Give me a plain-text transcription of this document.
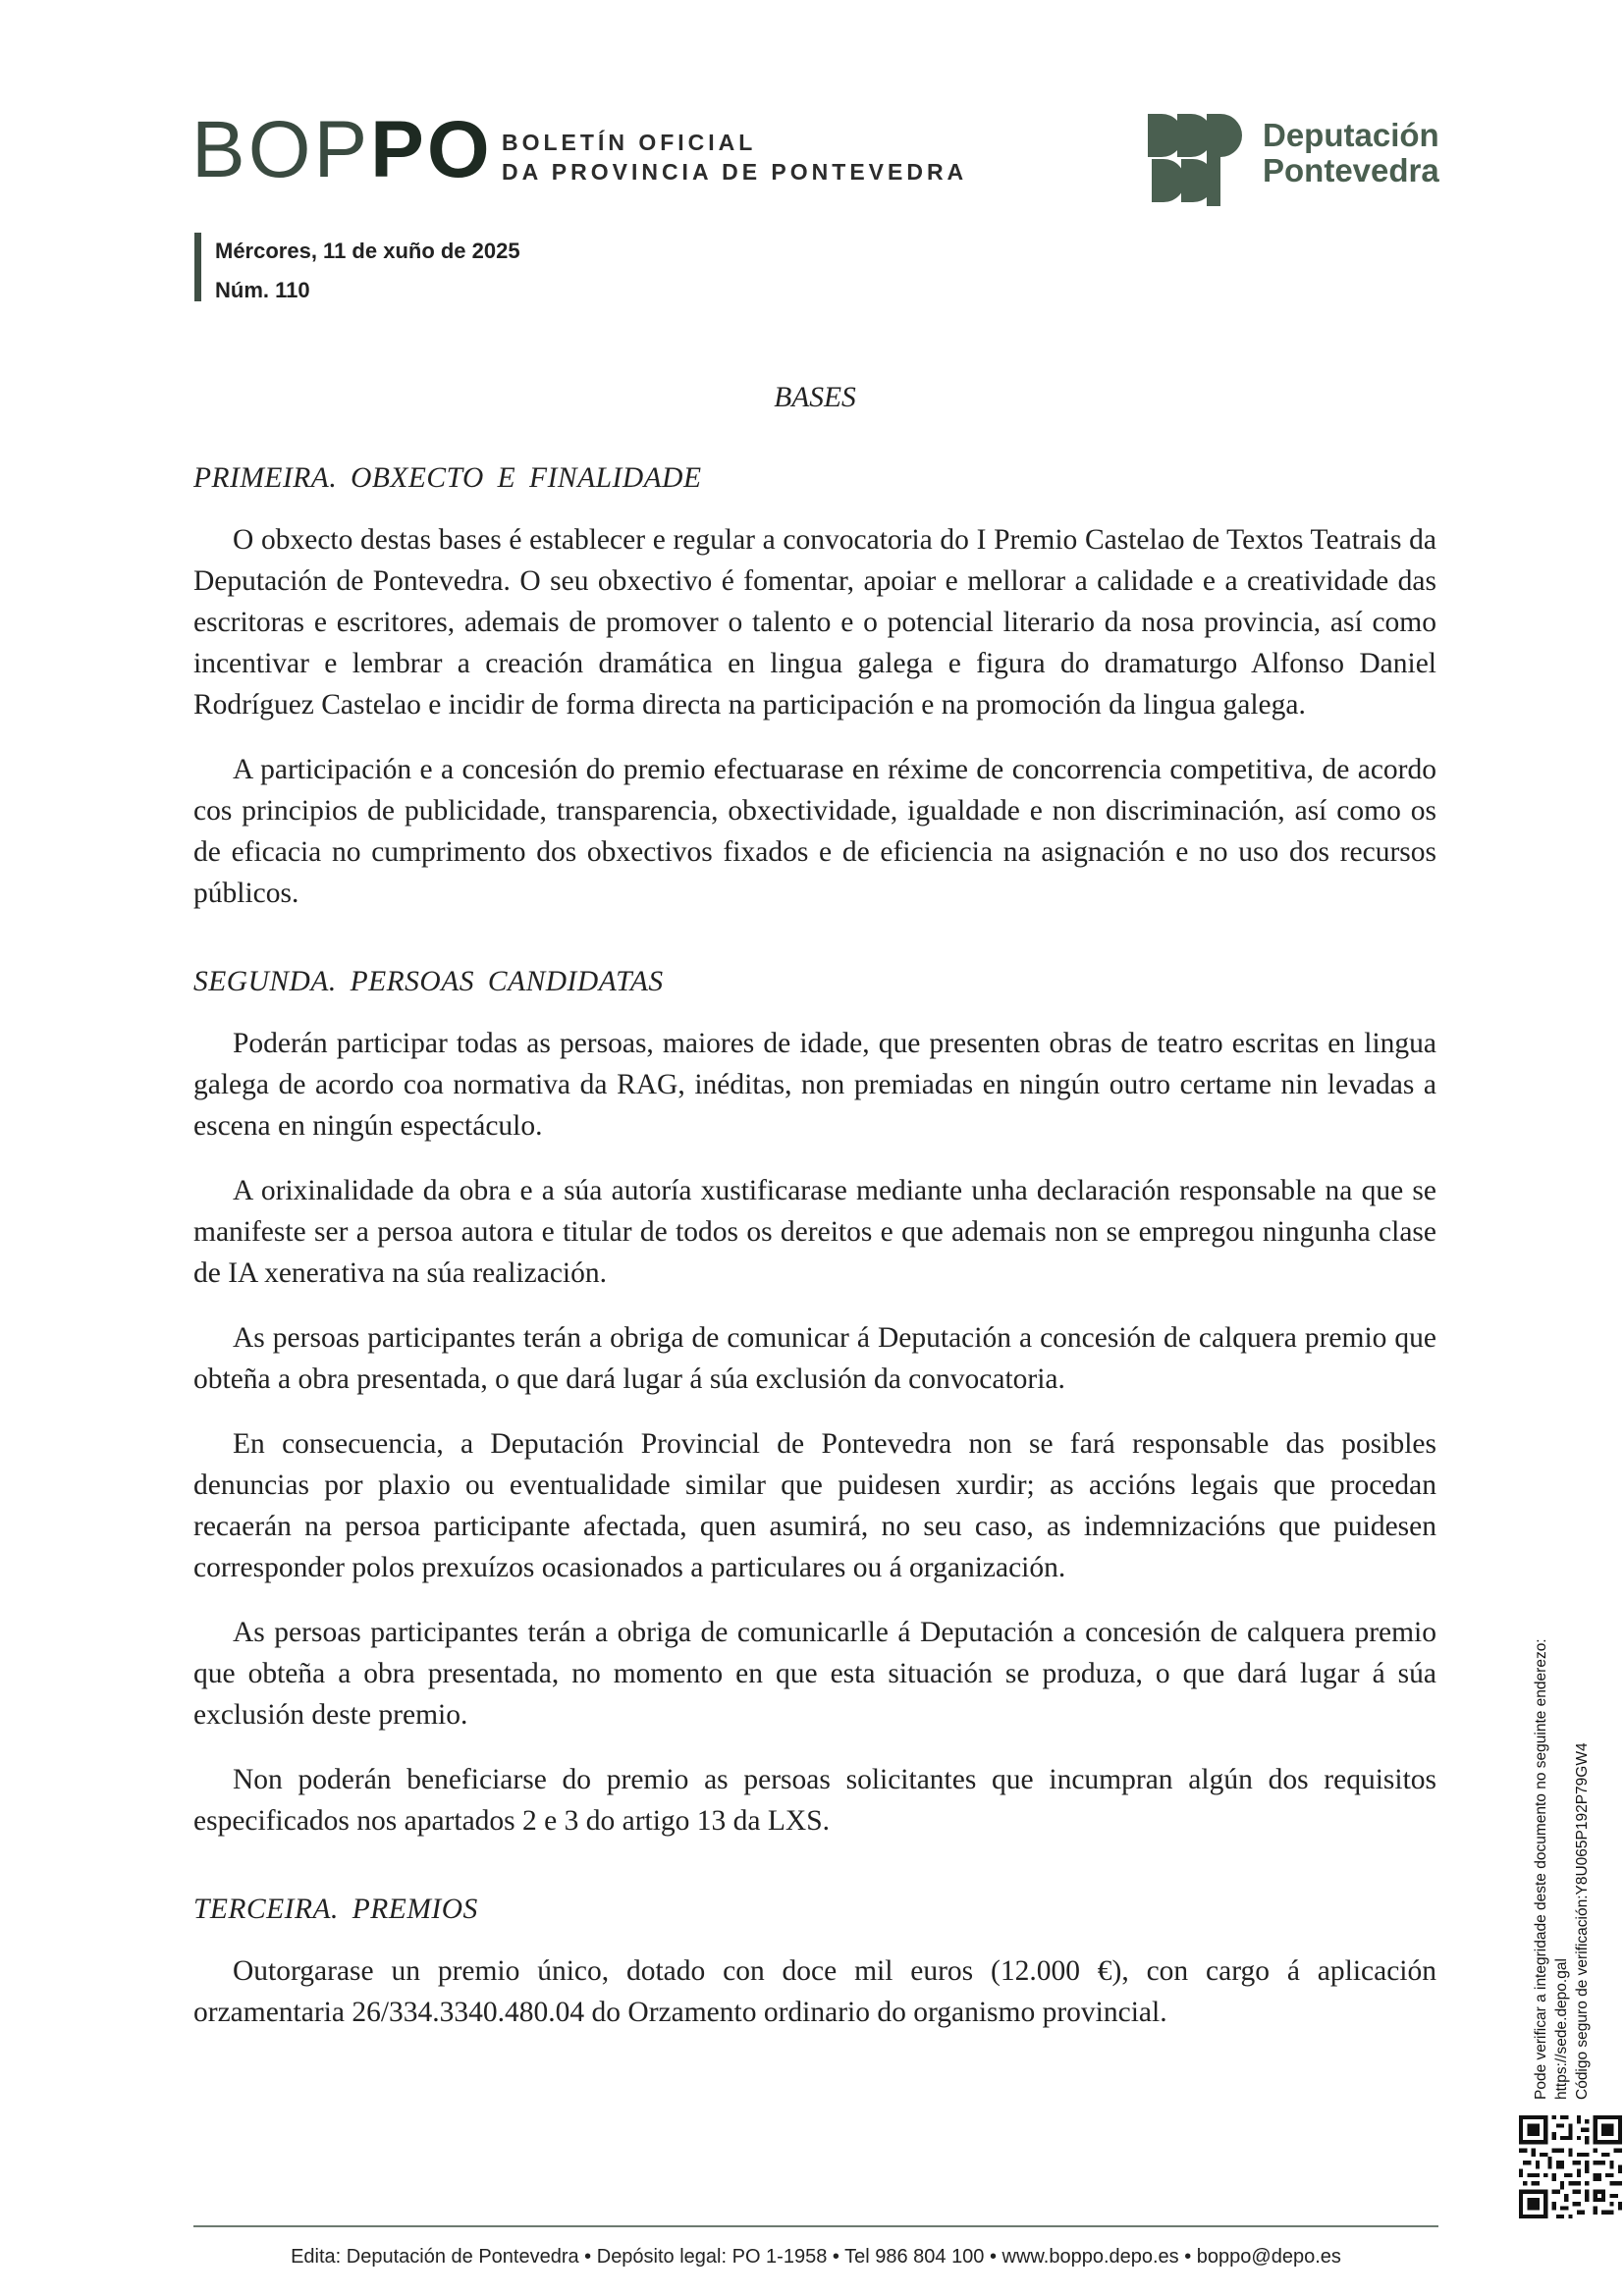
BOPPO BOLETÍN OFICIAL
DA PROVINCIA DE PONTEVEDRA
Deputación
Pontevedra
Mércores, 11 de xuño de 2025
Núm. 110
BASES
PRIMEIRA. OBXECTO E FINALIDADE

O obxecto destas bases é establecer e regular a convocatoria do I Premio Castelao de Textos Teatrais da Deputación de Pontevedra. O seu obxectivo é fomentar, apoiar e mellorar a calidade e a creatividade das escritoras e escritores, ademais de promover o talento e o potencial literario da nosa provincia, así como incentivar e lembrar a creación dramática en lingua galega e figura do dramaturgo Alfonso Daniel Rodríguez Castelao e incidir de forma directa na participación e na promoción da lingua galega.

A participación e a concesión do premio efectuarase en réxime de concorrencia competitiva, de acordo cos principios de publicidade, transparencia, obxectividade, igualdade e non discriminación, así como os de eficacia no cumprimento dos obxectivos fixados e de eficiencia na asignación e no uso dos recursos públicos.

SEGUNDA. PERSOAS CANDIDATAS

Poderán participar todas as persoas, maiores de idade, que presenten obras de teatro escritas en lingua galega de acordo coa normativa da RAG, inéditas, non premiadas en ningún outro certame nin levadas a escena en ningún espectáculo.

A orixinalidade da obra e a súa autoría xustificarase mediante unha declaración responsable na que se manifeste ser a persoa autora e titular de todos os dereitos e que ademais non se empregou ningunha clase de IA xenerativa na súa realización.

As persoas participantes terán a obriga de comunicar á Deputación a concesión de calquera premio que obteña a obra presentada, o que dará lugar á súa exclusión da convocatoria.

En consecuencia, a Deputación Provincial de Pontevedra non se fará responsable das posibles denuncias por plaxio ou eventualidade similar que puidesen xurdir; as accións legais que procedan recaerán na persoa participante afectada, quen asumirá, no seu caso, as indemnizacións que puidesen corresponder polos prexuízos ocasionados a particulares ou á organización.

As persoas participantes terán a obriga de comunicarlle á Deputación a concesión de calquera premio que obteña a obra presentada, no momento en que esta situación se produza, o que dará lugar á súa exclusión deste premio.

Non poderán beneficiarse do premio as persoas solicitantes que incumpran algún dos requisitos especificados nos apartados 2 e 3 do artigo 13 da LXS.

TERCEIRA. PREMIOS

Outorgarase un premio único, dotado con doce mil euros (12.000 €), con cargo á aplicación orzamentaria 26/334.3340.480.04 do Orzamento ordinario do organismo provincial.	Pode verificar a integridade deste documento no seguinte enderezo: https://sede.depo.gal Código seguro de verificación:Y8U065P192P79GW4
Edita: Deputación de Pontevedra • Depósito legal: PO 1-1958 • Tel 986 804 100 • www.boppo.depo.es • boppo@depo.es
